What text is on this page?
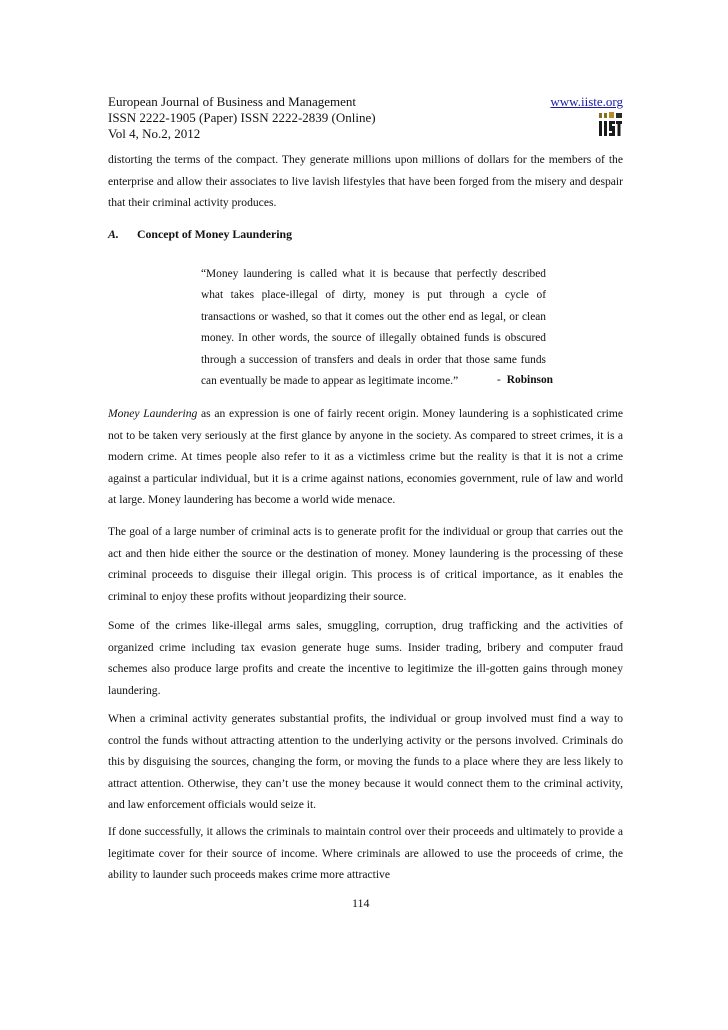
European Journal of Business and Management
ISSN 2222-1905 (Paper) ISSN 2222-2839 (Online)
Vol 4, No.2, 2012
www.iiste.org

distorting the terms of the compact. They generate millions upon millions of dollars for the members of the enterprise and allow their associates to live lavish lifestyles that have been forged from the misery and despair that their criminal activity produces.

A. Concept of Money Laundering

“Money laundering is called what it is because that perfectly described what takes place-illegal of dirty, money is put through a cycle of transactions or washed, so that it comes out the other end as legal, or clean money. In other words, the source of illegally obtained funds is obscured through a succession of transfers and deals in order that those same funds can eventually be made to appear as legitimate income.”	- Robinson

Money Laundering as an expression is one of fairly recent origin. Money laundering is a sophisticated crime not to be taken very seriously at the first glance by anyone in the society. As compared to street crimes, it is a modern crime. At times people also refer to it as a victimless crime but the reality is that it is not a crime against a particular individual, but it is a crime against nations, economies government, rule of law and world at large. Money laundering has become a world wide menace.

The goal of a large number of criminal acts is to generate profit for the individual or group that carries out the act and then hide either the source or the destination of money. Money laundering is the processing of these criminal proceeds to disguise their illegal origin. This process is of critical importance, as it enables the criminal to enjoy these profits without jeopardizing their source.

Some of the crimes like-illegal arms sales, smuggling, corruption, drug trafficking and the activities of organized crime including tax evasion generate huge sums. Insider trading, bribery and computer fraud schemes also produce large profits and create the incentive to legitimize the ill-gotten gains through money laundering.

When a criminal activity generates substantial profits, the individual or group involved must find a way to control the funds without attracting attention to the underlying activity or the persons involved. Criminals do this by disguising the sources, changing the form, or moving the funds to a place where they are less likely to attract attention. Otherwise, they can’t use the money because it would connect them to the criminal activity, and law enforcement officials would seize it.

If done successfully, it allows the criminals to maintain control over their proceeds and ultimately to provide a legitimate cover for their source of income. Where criminals are allowed to use the proceeds of crime, the ability to launder such proceeds makes crime more attractive

114
